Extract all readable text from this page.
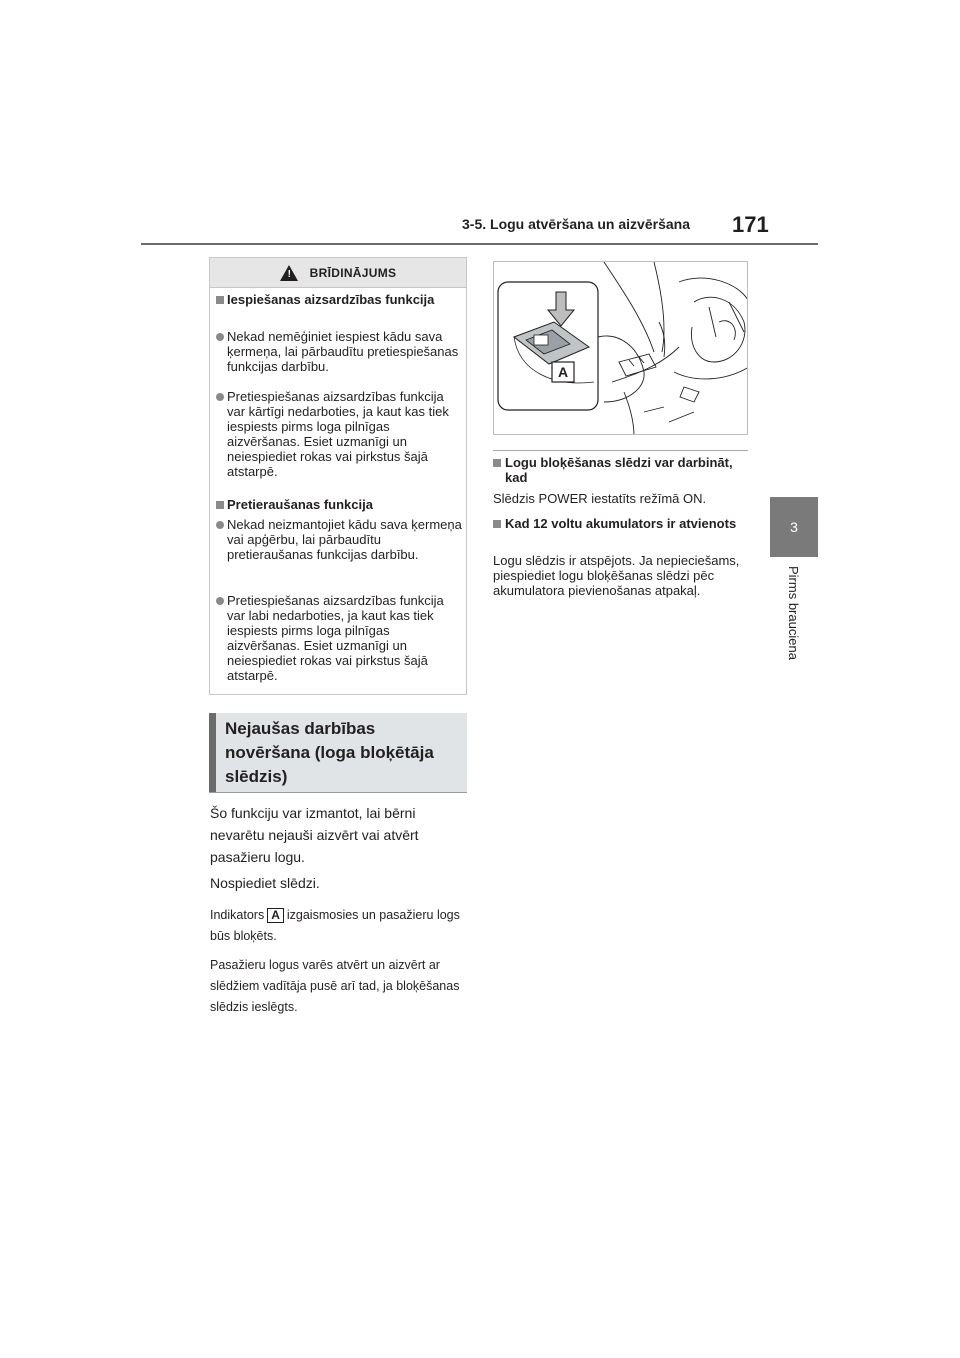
3-5. Logu atvēršana un aizvēršana 171
3
Pirms brauciena
! BRĪDINĀJUMS
Iespiešanas aizsardzības funkcija
Nekad nemēģiniet iespiest kādu sava ķermeņa, lai pārbaudītu pretiespiešanas funkcijas darbību.
Pretiespiešanas aizsardzības funkcija var kārtīgi nedarboties, ja kaut kas tiek iespiests pirms loga pilnīgas aizvēršanas. Esiet uzmanīgi un neiespiediet rokas vai pirkstus šajā atstarpē.
Pretieraušanas funkcija
Nekad neizmantojiet kādu sava ķermeņa vai apģērbu, lai pārbaudītu pretieraušanas funkcijas darbību.
Pretiespiešanas aizsardzības funkcija var labi nedarboties, ja kaut kas tiek iespiests pirms loga pilnīgas aizvēršanas. Esiet uzmanīgi un neiespiediet rokas vai pirkstus šajā atstarpē.
Nejaušas darbības novēršana (loga bloķētāja slēdzis)
Šo funkciju var izmantot, lai bērni nevarētu nejauši aizvērt vai atvērt pasažieru logu.
Nospiediet slēdzi.
Indikators A izgaismosies un pasažieru logs būs bloķēts.
Pasažieru logus varēs atvērt un aizvērt ar slēdžiem vadītāja pusē arī tad, ja bloķēšanas slēdzis ieslēgts.
A
Logu bloķēšanas slēdzi var darbināt, kad
Slēdzis POWER iestatīts režīmā ON.
Kad 12 voltu akumulators ir atvienots
Logu slēdzis ir atspējots. Ja nepieciešams, piespiediet logu bloķēšanas slēdzi pēc akumulatora pievienošanas atpakaļ.
